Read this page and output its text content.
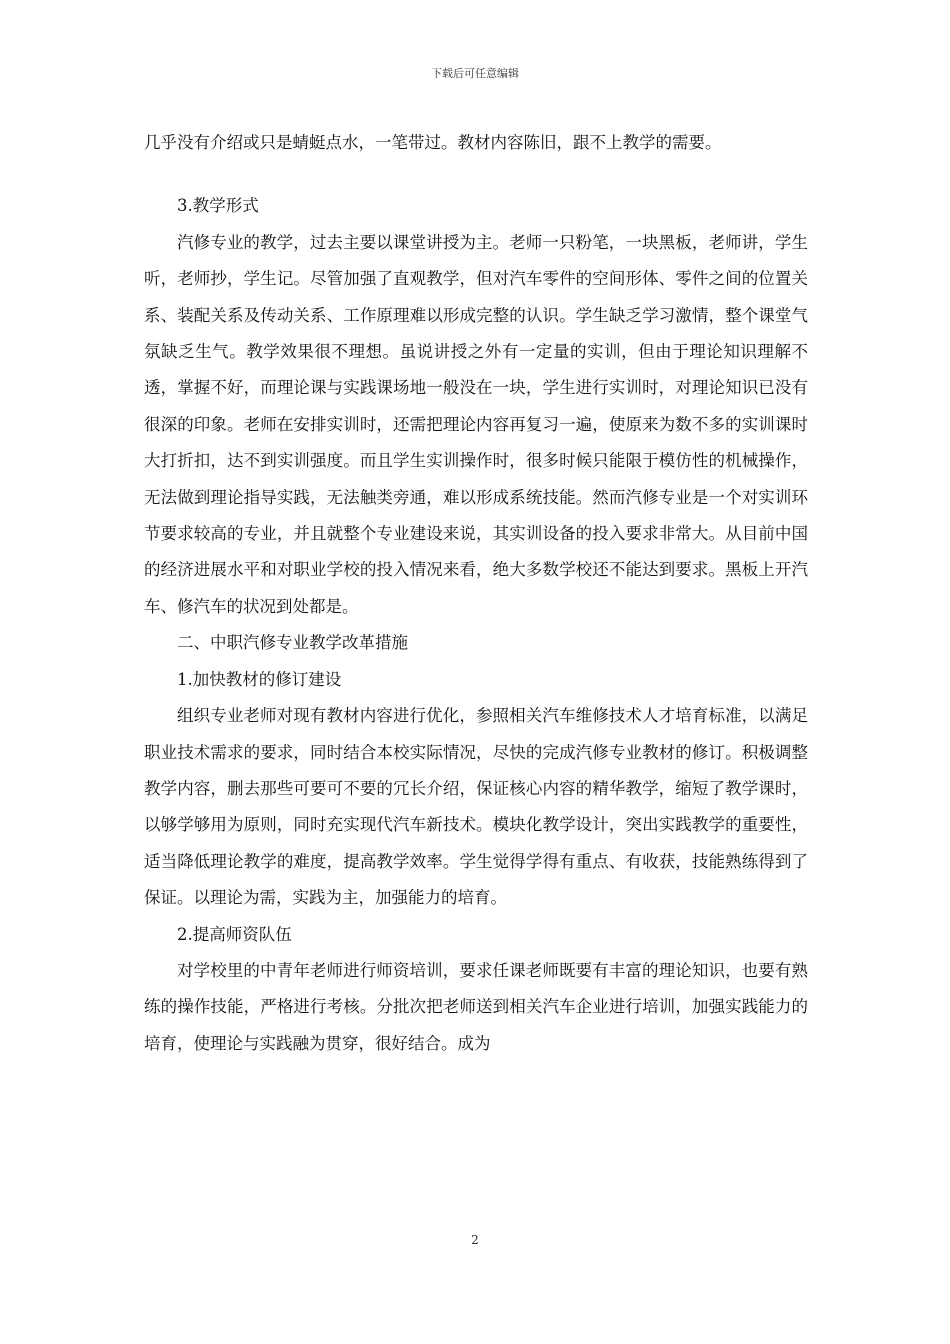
下载后可任意编辑

几乎没有介绍或只是蜻蜓点水，一笔带过。教材内容陈旧，跟不上教学的需要。

3.教学形式

汽修专业的教学，过去主要以课堂讲授为主。老师一只粉笔，一块黑板，老师讲，学生听，老师抄，学生记。尽管加强了直观教学，但对汽车零件的空间形体、零件之间的位置关系、装配关系及传动关系、工作原理难以形成完整的认识。学生缺乏学习激情，整个课堂气氛缺乏生气。教学效果很不理想。虽说讲授之外有一定量的实训，但由于理论知识理解不透，掌握不好，而理论课与实践课场地一般没在一块，学生进行实训时，对理论知识已没有很深的印象。老师在安排实训时，还需把理论内容再复习一遍，使原来为数不多的实训课时大打折扣，达不到实训强度。而且学生实训操作时，很多时候只能限于模仿性的机械操作，无法做到理论指导实践，无法触类旁通，难以形成系统技能。然而汽修专业是一个对实训环节要求较高的专业，并且就整个专业建设来说，其实训设备的投入要求非常大。从目前中国的经济进展水平和对职业学校的投入情况来看，绝大多数学校还不能达到要求。黑板上开汽车、修汽车的状况到处都是。

二、中职汽修专业教学改革措施

1.加快教材的修订建设

组织专业老师对现有教材内容进行优化，参照相关汽车维修技术人才培育标准，以满足职业技术需求的要求，同时结合本校实际情况，尽快的完成汽修专业教材的修订。积极调整教学内容，删去那些可要可不要的冗长介绍，保证核心内容的精华教学，缩短了教学课时，以够学够用为原则，同时充实现代汽车新技术。模块化教学设计，突出实践教学的重要性，适当降低理论教学的难度，提高教学效率。学生觉得学得有重点、有收获，技能熟练得到了保证。以理论为需，实践为主，加强能力的培育。

2.提高师资队伍

对学校里的中青年老师进行师资培训，要求任课老师既要有丰富的理论知识，也要有熟练的操作技能，严格进行考核。分批次把老师送到相关汽车企业进行培训，加强实践能力的培育，使理论与实践融为贯穿，很好结合。成为

2
